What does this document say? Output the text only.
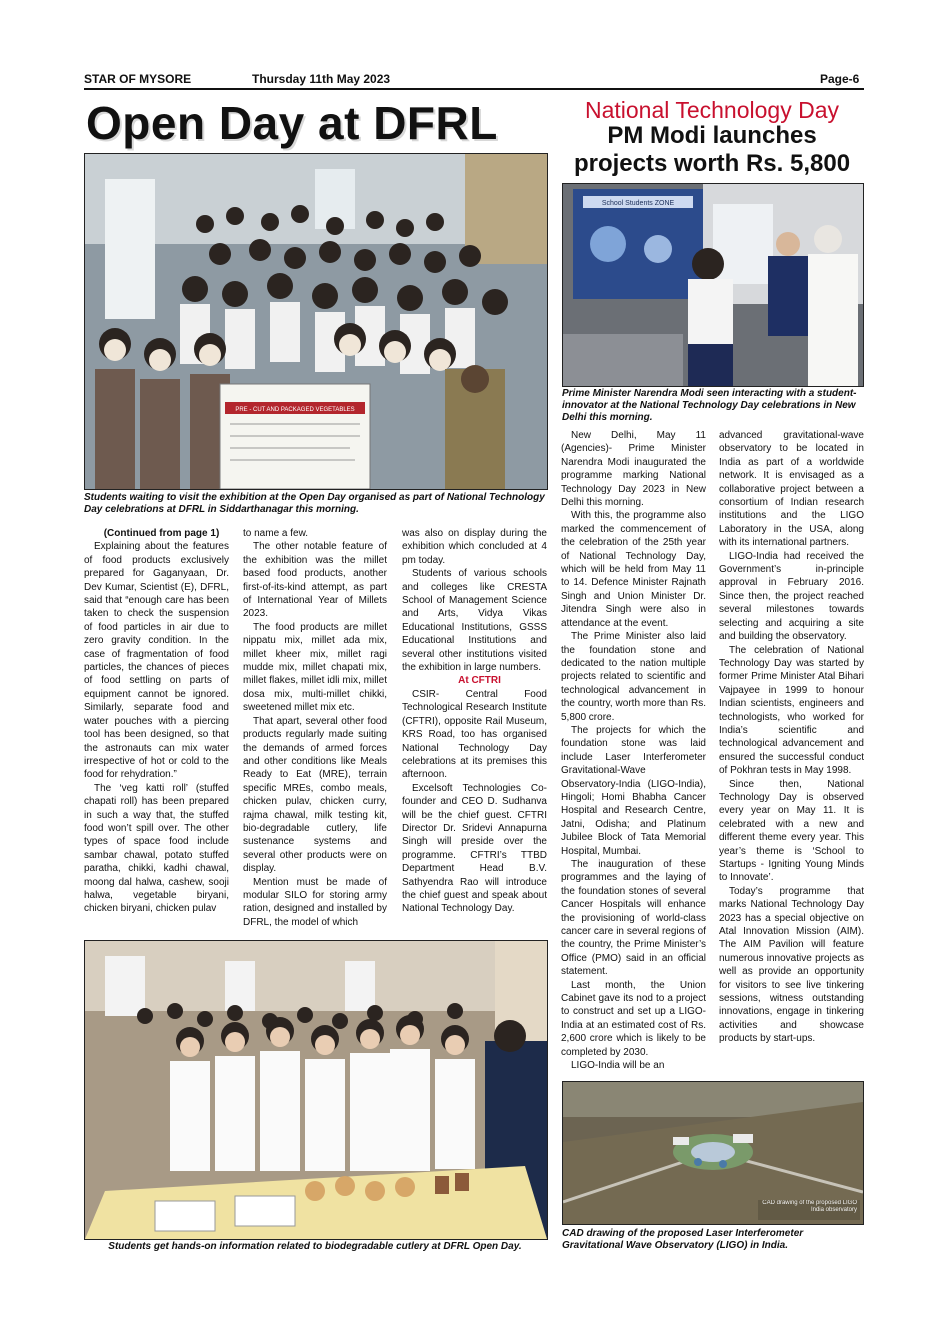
STAR OF MYSORE	Thursday 11th May 2023	Page-6
Open Day at DFRL	National Technology Day
PM Modi launches projects worth Rs. 5,800
PRE - CUT AND PACKAGED VEGETABLES
Students waiting to visit the exhibition at the Open Day organised as part of National Technology Day celebrations at DFRL in Siddarthanagar this morning.

(Continued from page 1)

Explaining about the features of food products exclusively prepared for Gaganyaan, Dr. Dev Kumar, Scientist (E), DFRL, said that “enough care has been taken to check the suspension of food particles in air due to zero gravity condition. In the case of fragmentation of food particles, the chances of pieces of food settling on parts of equipment cannot be ignored. Similarly, separate food and water pouches with a piercing tool has been designed, so that the astronauts can mix water irrespective of hot or cold to the food for rehydration.”

The ‘veg katti roll’ (stuffed chapati roll) has been prepared in such a way that, the stuffed food won’t spill over. The other types of space food include sambar chawal, potato stuffed paratha, chikki, kadhi chawal, moong dal halwa, cashew, sooji halwa, vegetable biryani, chicken biryani, chicken pulav

to name a few.

The other notable feature of the exhibition was the millet based food products, another first-of-its-kind attempt, as part of International Year of Millets 2023.

The food products are millet nippatu mix, millet ada mix, millet kheer mix, millet ragi mudde mix, millet chapati mix, millet flakes, millet idli mix, millet dosa mix, multi-millet chikki, sweetened millet mix etc.

That apart, several other food products regularly made suiting the demands of armed forces and other conditions like Meals Ready to Eat (MRE), terrain specific MREs, combo meals, chicken pulav, chicken curry, rajma chawal, milk testing kit, bio-degradable cutlery, life sustenance systems and several other products were on display.

Mention must be made of modular SILO for storing army ration, designed and installed by DFRL, the model of which

was also on display during the exhibition which concluded at 4 pm today.

Students of various schools and colleges like CRESTA School of Management Science and Arts, Vidya Vikas Educational Institutions, GSSS Educational Institutions and several other institutions visited the exhibition in large numbers.

At CFTRI

CSIR- Central Food Technological Research Institute (CFTRI), opposite Rail Museum, KRS Road, too has organised National Technology Day celebrations at its premises this afternoon.

Excelsoft Technologies Co-founder and CEO D. Sudhanva will be the chief guest. CFTRI Director Dr. Sridevi Annapurna Singh will preside over the programme. CFTRI’s TTBD Department Head B.V. Sathyendra Rao will introduce the chief guest and speak about National Technology Day.

Students get hands-on information related to biodegradable cutlery at DFRL Open Day.
School Students ZONE
Prime Minister Narendra Modi seen interacting with a student-innovator at the National Technology Day celebrations in New Delhi this morning.

New Delhi, May 11 (Agencies)- Prime Minister Narendra Modi inaugurated the programme marking National Technology Day 2023 in New Delhi this morning.

With this, the programme also marked the commencement of the celebration of the 25th year of National Technology Day, which will be held from May 11 to 14. Defence Minister Rajnath Singh and Union Minister Dr. Jitendra Singh were also in attendance at the event.

The Prime Minister also laid the foundation stone and dedicated to the nation multiple projects related to scientific and technological advancement in the country, worth more than Rs. 5,800 crore.

The projects for which the foundation stone was laid include Laser Interferometer Gravitational-Wave Observatory-India (LIGO-India), Hingoli; Homi Bhabha Cancer Hospital and Research Centre, Jatni, Odisha; and Platinum Jubilee Block of Tata Memorial Hospital, Mumbai.

The inauguration of these programmes and the laying of the foundation stones of several Cancer Hospitals will enhance the provisioning of world-class cancer care in several regions of the country, the Prime Minister’s Office (PMO) said in an official statement.

Last month, the Union Cabinet gave its nod to a project to construct and set up a LIGO-India at an estimated cost of Rs. 2,600 crore which is likely to be completed by 2030.

LIGO-India will be an

advanced gravitational-wave observatory to be located in India as part of a worldwide network. It is envisaged as a collaborative project between a consortium of Indian research institutions and the LIGO Laboratory in the USA, along with its international partners.

LIGO-India had received the Government’s in-principle approval in February 2016. Since then, the project reached several milestones towards selecting and acquiring a site and building the observatory.

The celebration of National Technology Day was started by former Prime Minister Atal Bihari Vajpayee in 1999 to honour Indian scientists, engineers and technologists, who worked for India’s scientific and technological advancement and ensured the successful conduct of Pokhran tests in May 1998.

Since then, National Technology Day is observed every year on May 11. It is celebrated with a new and different theme every year. This year’s theme is ‘School to Startups - Igniting Young Minds to Innovate’.

Today’s programme that marks National Technology Day 2023 has a special objective on Atal Innovation Mission (AIM). The AIM Pavilion will feature numerous innovative projects as well as provide an opportunity for visitors to see live tinkering sessions, witness outstanding innovations, engage in tinkering activities and showcase products by start-ups.

CAD drawing of the proposed LIGO India observatory
CAD drawing of the proposed Laser Interferometer Gravitational Wave Observatory (LIGO) in India.
